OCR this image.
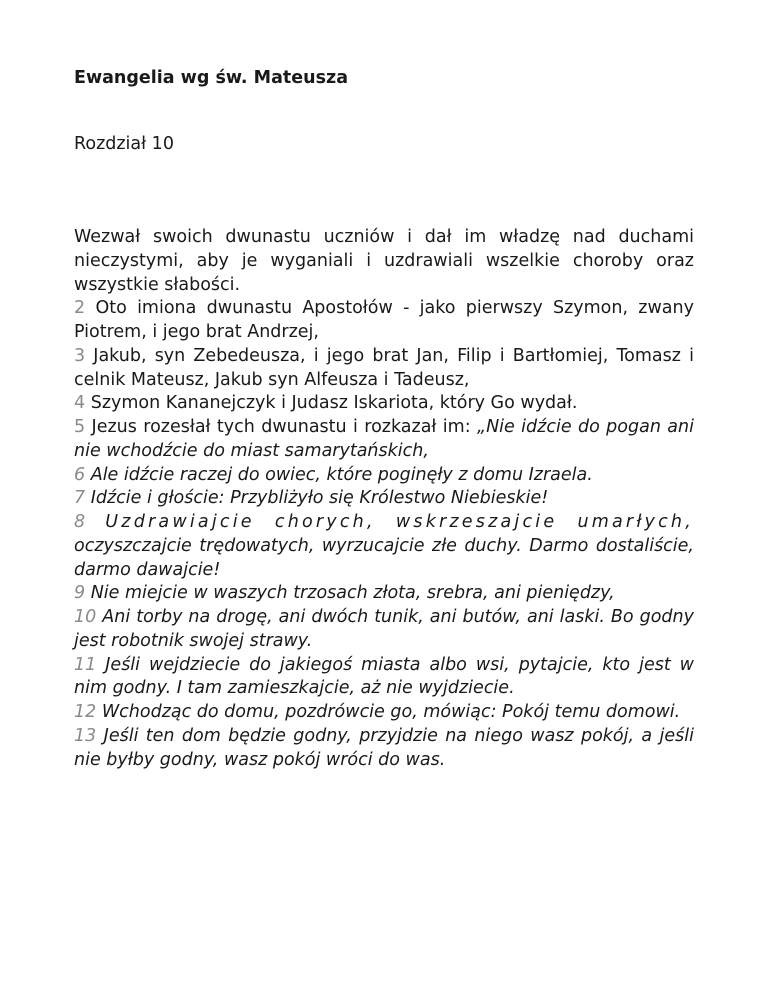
Ewangelia wg św. Mateusza

Rozdział 10

Wezwał swoich dwunastu uczniów i dał im władzę nad duchami nieczystymi, aby je wyganiali i uzdrawiali wszelkie choroby oraz wszystkie słabości.

2 Oto imiona dwunastu Apostołów - jako pierwszy Szymon, zwany Piotrem, i jego brat Andrzej,

3 Jakub, syn Zebedeusza, i jego brat Jan, Filip i Bartłomiej, Tomasz i celnik Mateusz, Jakub syn Alfeusza i Tadeusz,

4 Szymon Kananejczyk i Judasz Iskariota, który Go wydał.

5 Jezus rozesłał tych dwunastu i rozkazał im: „Nie idźcie do pogan ani nie wchodźcie do miast samarytańskich,

6 Ale idźcie raczej do owiec, które poginęły z domu Izraela.

7 Idźcie i głoście: Przybliżyło się Królestwo Niebieskie!

8 Uzdrawiajcie chorych, wskrzeszajcie umarłych, oczyszczajcie trędowatych, wyrzucajcie złe duchy. Darmo dostaliście, darmo dawajcie!

9 Nie miejcie w waszych trzosach złota, srebra, ani pieniędzy,

10 Ani torby na drogę, ani dwóch tunik, ani butów, ani laski. Bo godny jest robotnik swojej strawy.

11 Jeśli wejdziecie do jakiegoś miasta albo wsi, pytajcie, kto jest w nim godny. I tam zamieszkajcie, aż nie wyjdziecie.

12 Wchodząc do domu, pozdrówcie go, mówiąc: Pokój temu domowi.

13 Jeśli ten dom będzie godny, przyjdzie na niego wasz pokój, a jeśli nie byłby godny, wasz pokój wróci do was.
